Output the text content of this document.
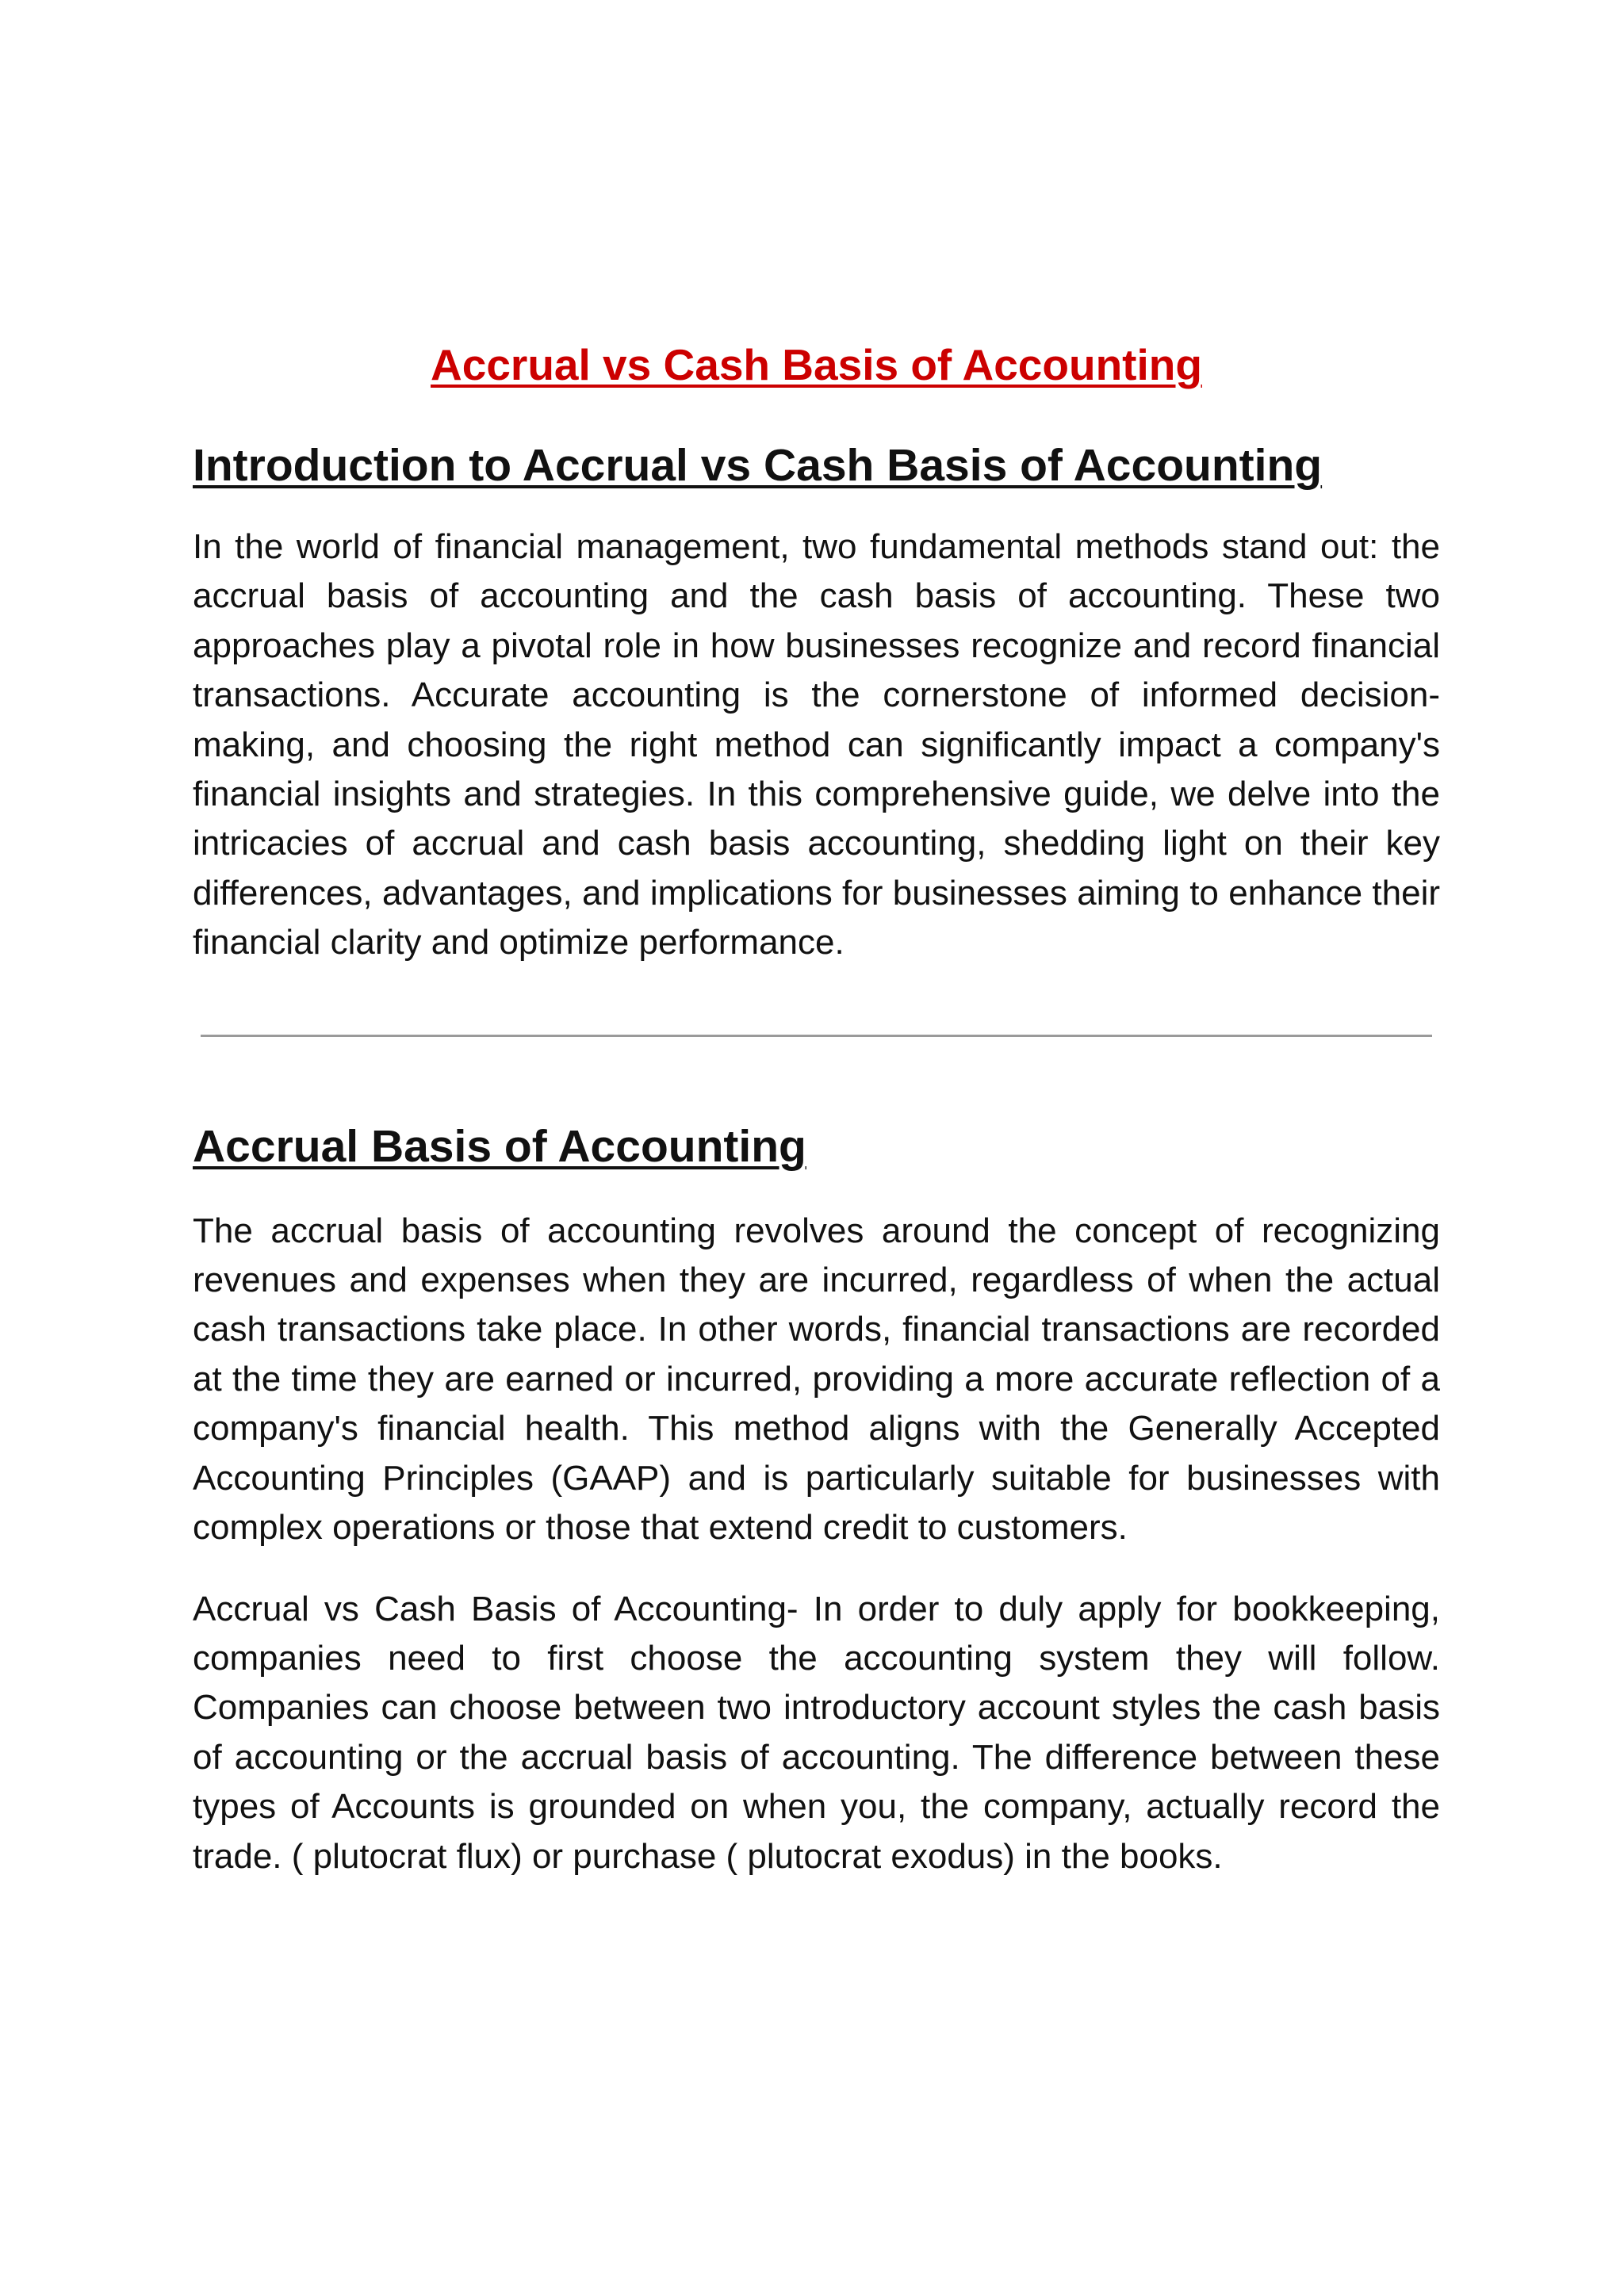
Accrual vs Cash Basis of Accounting
Introduction to Accrual vs Cash Basis of Accounting

In the world of financial management, two fundamental methods stand out: the accrual basis of accounting and the cash basis of accounting. These two approaches play a pivotal role in how businesses recognize and record financial transactions. Accurate accounting is the cornerstone of informed decision-making, and choosing the right method can significantly impact a company's financial insights and strategies. In this comprehensive guide, we delve into the intricacies of accrual and cash basis accounting, shedding light on their key differences, advantages, and implications for businesses aiming to enhance their financial clarity and optimize performance.

Accrual Basis of Accounting

The accrual basis of accounting revolves around the concept of recognizing revenues and expenses when they are incurred, regardless of when the actual cash transactions take place. In other words, financial transactions are recorded at the time they are earned or incurred, providing a more accurate reflection of a company's financial health. This method aligns with the Generally Accepted Accounting Principles (GAAP) and is particularly suitable for businesses with complex operations or those that extend credit to customers.

Accrual vs Cash Basis of Accounting- In order to duly apply for bookkeeping, companies need to first choose the accounting system they will follow. Companies can choose between two introductory account styles the cash basis of accounting or the accrual basis of accounting. The difference between these types of Accounts is grounded on when you, the company, actually record the trade. ( plutocrat flux) or purchase ( plutocrat exodus) in the books.
